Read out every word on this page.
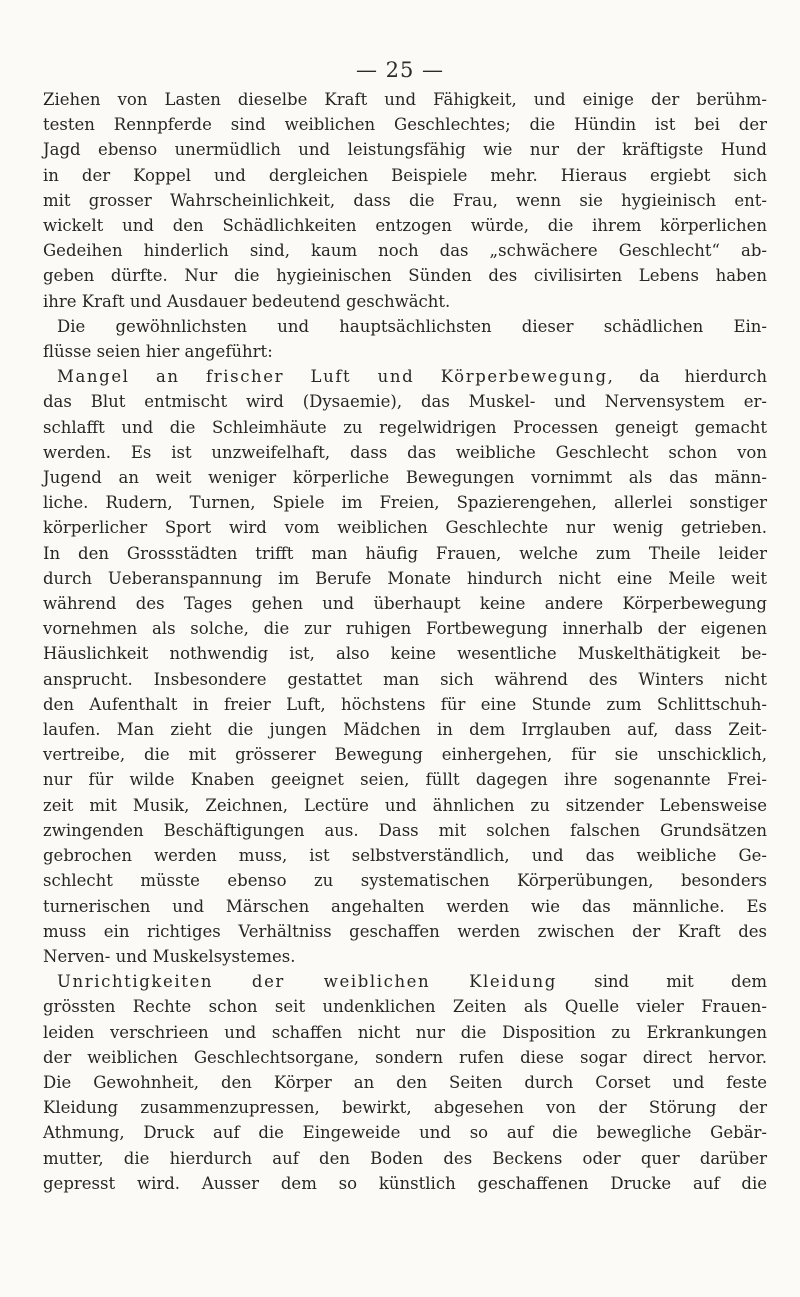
— 25 —
Ziehen von Lasten dieselbe Kraft und Fähigkeit, und einige der berühm-
testen Rennpferde sind weiblichen Geschlechtes; die Hündin ist bei der
Jagd ebenso unermüdlich und leistungsfähig wie nur der kräftigste Hund
in der Koppel und dergleichen Beispiele mehr. Hieraus ergiebt sich
mit grosser Wahrscheinlichkeit, dass die Frau, wenn sie hygieinisch ent-
wickelt und den Schädlichkeiten entzogen würde, die ihrem körperlichen
Gedeihen hinderlich sind, kaum noch das „schwächere Geschlecht“ ab-
geben dürfte. Nur die hygieinischen Sünden des civilisirten Lebens haben
ihre Kraft und Ausdauer bedeutend geschwächt.
Die gewöhnlichsten und hauptsächlichsten dieser schädlichen Ein-
flüsse seien hier angeführt:
Mangel an frischer Luft und Körperbewegung, da hierdurch
das Blut entmischt wird (Dysaemie), das Muskel- und Nervensystem er-
schlafft und die Schleimhäute zu regelwidrigen Processen geneigt gemacht
werden. Es ist unzweifelhaft, dass das weibliche Geschlecht schon von
Jugend an weit weniger körperliche Bewegungen vornimmt als das männ-
liche. Rudern, Turnen, Spiele im Freien, Spazierengehen, allerlei sonstiger
körperlicher Sport wird vom weiblichen Geschlechte nur wenig getrieben.
In den Grossstädten trifft man häufig Frauen, welche zum Theile leider
durch Ueberanspannung im Berufe Monate hindurch nicht eine Meile weit
während des Tages gehen und überhaupt keine andere Körperbewegung
vornehmen als solche, die zur ruhigen Fortbewegung innerhalb der eigenen
Häuslichkeit nothwendig ist, also keine wesentliche Muskelthätigkeit be-
ansprucht. Insbesondere gestattet man sich während des Winters nicht
den Aufenthalt in freier Luft, höchstens für eine Stunde zum Schlittschuh-
laufen. Man zieht die jungen Mädchen in dem Irrglauben auf, dass Zeit-
vertreibe, die mit grösserer Bewegung einhergehen, für sie unschicklich,
nur für wilde Knaben geeignet seien, füllt dagegen ihre sogenannte Frei-
zeit mit Musik, Zeichnen, Lectüre und ähnlichen zu sitzender Lebensweise
zwingenden Beschäftigungen aus. Dass mit solchen falschen Grundsätzen
gebrochen werden muss, ist selbstverständlich, und das weibliche Ge-
schlecht müsste ebenso zu systematischen Körperübungen, besonders
turnerischen und Märschen angehalten werden wie das männliche. Es
muss ein richtiges Verhältniss geschaffen werden zwischen der Kraft des
Nerven- und Muskelsystemes.
Unrichtigkeiten der weiblichen Kleidung sind mit dem
grössten Rechte schon seit undenklichen Zeiten als Quelle vieler Frauen-
leiden verschrieen und schaffen nicht nur die Disposition zu Erkrankungen
der weiblichen Geschlechtsorgane, sondern rufen diese sogar direct hervor.
Die Gewohnheit, den Körper an den Seiten durch Corset und feste
Kleidung zusammenzupressen, bewirkt, abgesehen von der Störung der
Athmung, Druck auf die Eingeweide und so auf die bewegliche Gebär-
mutter, die hierdurch auf den Boden des Beckens oder quer darüber
gepresst wird. Ausser dem so künstlich geschaffenen Drucke auf die
